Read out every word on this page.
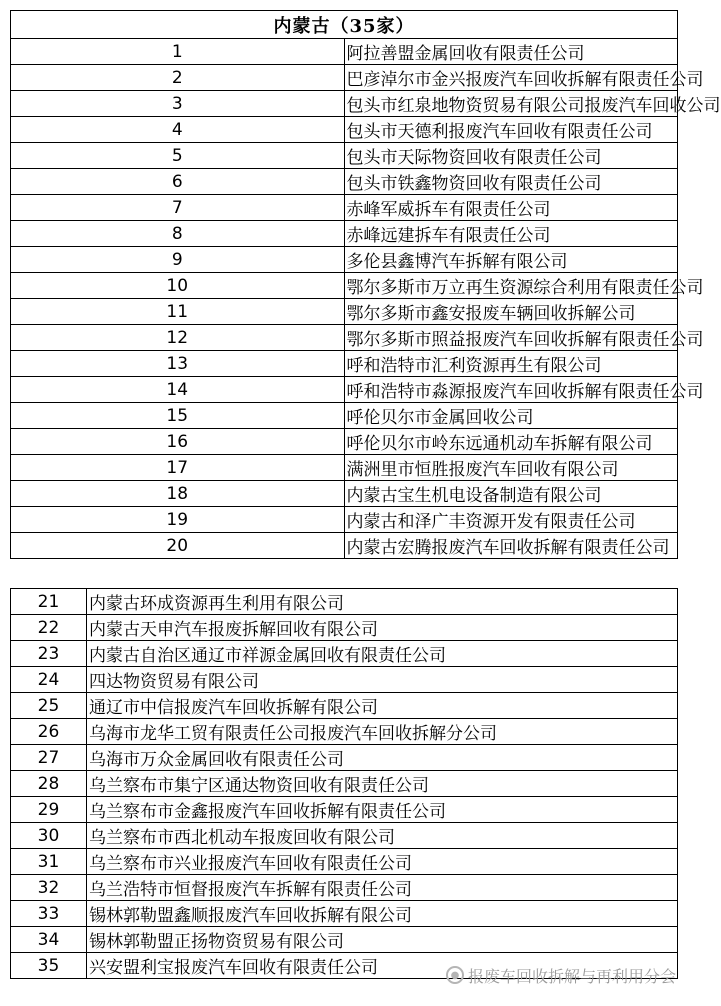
内蒙古（35家）	
1	阿拉善盟金属回收有限责任公司
2	巴彦淖尔市金兴报废汽车回收拆解有限责任公司
3	包头市红泉地物资贸易有限公司报废汽车回收公司
4	包头市天德利报废汽车回收有限责任公司
5	包头市天际物资回收有限责任公司
6	包头市铁鑫物资回收有限责任公司
7	赤峰军威拆车有限责任公司
8	赤峰远建拆车有限责任公司
9	多伦县鑫博汽车拆解有限公司
10	鄂尔多斯市万立再生资源综合利用有限责任公司
11	鄂尔多斯市鑫安报废车辆回收拆解公司
12	鄂尔多斯市照益报废汽车回收拆解有限责任公司
13	呼和浩特市汇利资源再生有限公司
14	呼和浩特市淼源报废汽车回收拆解有限责任公司
15	呼伦贝尔市金属回收公司
16	呼伦贝尔市岭东远通机动车拆解有限公司
17	满洲里市恒胜报废汽车回收有限公司
18	内蒙古宝生机电设备制造有限公司
19	内蒙古和泽广丰资源开发有限责任公司
20	内蒙古宏腾报废汽车回收拆解有限责任公司
21	内蒙古环成资源再生利用有限公司
22	内蒙古天申汽车报废拆解回收有限公司
23	内蒙古自治区通辽市祥源金属回收有限责任公司
24	四达物资贸易有限公司
25	通辽市中信报废汽车回收拆解有限公司
26	乌海市龙华工贸有限责任公司报废汽车回收拆解分公司
27	乌海市万众金属回收有限责任公司
28	乌兰察布市集宁区通达物资回收有限责任公司
29	乌兰察布市金鑫报废汽车回收拆解有限责任公司
30	乌兰察布市西北机动车报废回收有限公司
31	乌兰察布市兴业报废汽车回收有限责任公司
32	乌兰浩特市恒督报废汽车拆解有限责任公司
33	锡林郭勒盟鑫顺报废汽车回收拆解有限公司
34	锡林郭勒盟正扬物资贸易有限公司
35	兴安盟利宝报废汽车回收有限责任公司	● 报废车回收拆解与再利用分会
